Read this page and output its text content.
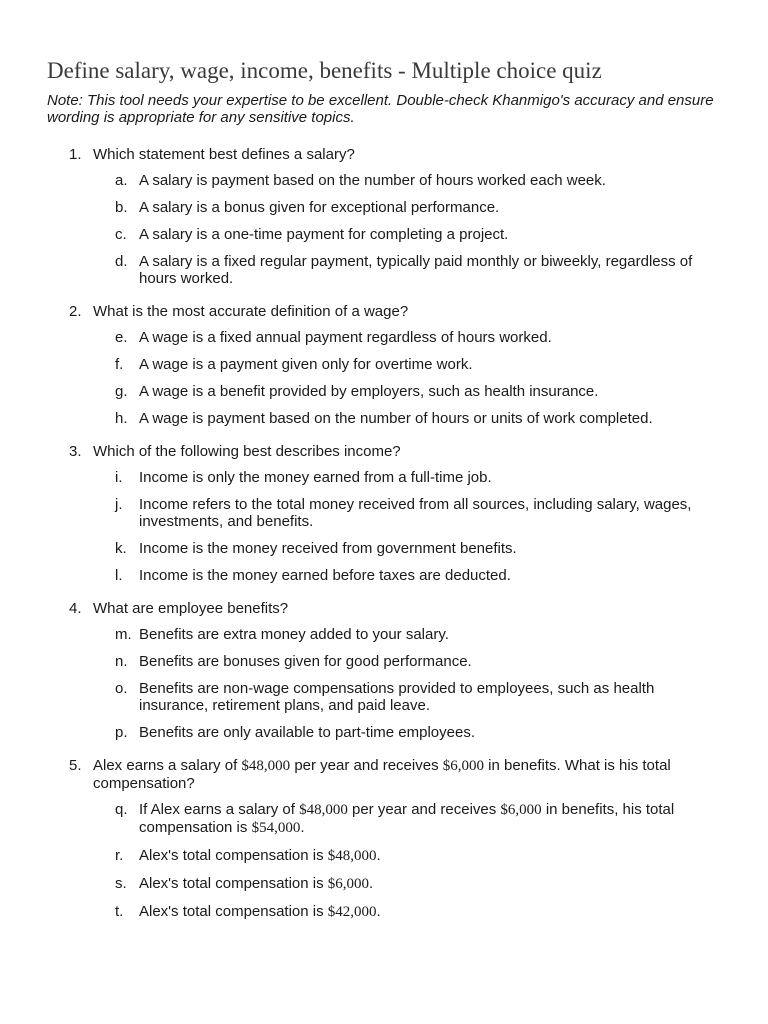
Define salary, wage, income, benefits - Multiple choice quiz

Note: This tool needs your expertise to be excellent. Double-check Khanmigo's accuracy and ensure wording is appropriate for any sensitive topics.

1. Which statement best defines a salary?
a. A salary is payment based on the number of hours worked each week.
b. A salary is a bonus given for exceptional performance.
c. A salary is a one-time payment for completing a project.
d. A salary is a fixed regular payment, typically paid monthly or biweekly, regardless of hours worked.
2. What is the most accurate definition of a wage?
e. A wage is a fixed annual payment regardless of hours worked.
f.	A wage is a payment given only for overtime work.
g. A wage is a benefit provided by employers, such as health insurance.
h. A wage is payment based on the number of hours or units of work completed.
3. Which of the following best describes income?
i.	Income is only the money earned from a full-time job.
j.	Income refers to the total money received from all sources, including salary, wages, investments, and benefits.
k. Income is the money received from government benefits.
l.	Income is the money earned before taxes are deducted.
4. What are employee benefits?
m. Benefits are extra money added to your salary.
n. Benefits are bonuses given for good performance.
o. Benefits are non-wage compensations provided to employees, such as health insurance, retirement plans, and paid leave.
p. Benefits are only available to part-time employees.
5. Alex earns a salary of $48,000 per year and receives $6,000 in benefits. What is his total compensation?
q. If Alex earns a salary of $48,000 per year and receives $6,000 in benefits, his total compensation is $54,000.
r.	Alex's total compensation is $48,000.
s. Alex's total compensation is $6,000.
t.	Alex's total compensation is $42,000.
